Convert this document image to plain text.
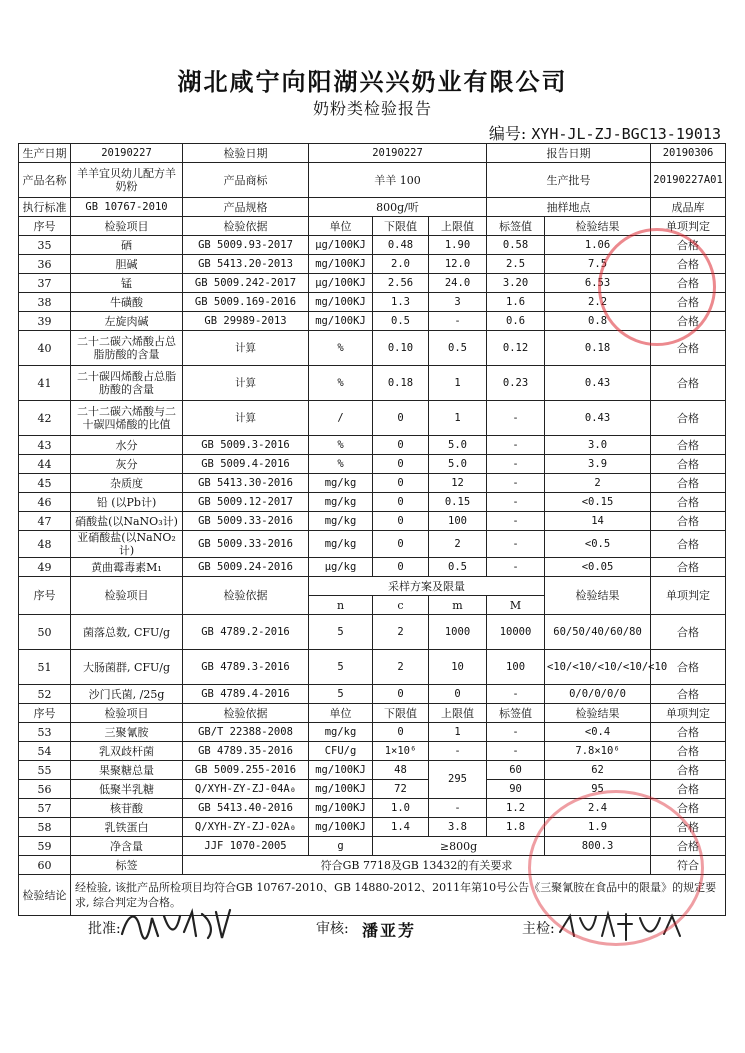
湖北咸宁向阳湖兴兴奶业有限公司
奶粉类检验报告
编号: XYH-JL-ZJ-BGC13-19013
生产日期	20190227	检验日期	20190227			报告日期		20190306
产品名称	羊羊宜贝幼儿配方羊奶粉	产品商标	羊羊 100			生产批号		20190227A01
执行标准	GB 10767-2010	产品规格	800g/听			抽样地点		成品库
序号	检验项目	检验依据	单位	下限值	上限值	标签值	检验结果	单项判定
35	硒	GB 5009.93-2017	μg/100KJ	0.48	1.90	0.58	1.06	合格
36	胆碱	GB 5413.20-2013	mg/100KJ	2.0	12.0	2.5	7.5	合格
37	锰	GB 5009.242-2017	μg/100KJ	2.56	24.0	3.20	6.53	合格
38	牛磺酸	GB 5009.169-2016	mg/100KJ	1.3	3	1.6	2.2	合格
39	左旋肉碱	GB 29989-2013	mg/100KJ	0.5	-	0.6	0.8	合格
40	二十二碳六烯酸占总脂肪酸的含量	计算	%	0.10	0.5	0.12	0.18	合格
41	二十碳四烯酸占总脂肪酸的含量	计算	%	0.18	1	0.23	0.43	合格
42	二十二碳六烯酸与二十碳四烯酸的比值	计算	/	0	1	-	0.43	合格
43	水分	GB 5009.3-2016	%	0	5.0	-	3.0	合格
44	灰分	GB 5009.4-2016	%	0	5.0	-	3.9	合格
45	杂质度	GB 5413.30-2016	mg/kg	0	12	-	2	合格
46	铅 (以Pb计)	GB 5009.12-2017	mg/kg	0	0.15	-	<0.15	合格
47	硝酸盐(以NaNO₃计)	GB 5009.33-2016	mg/kg	0	100	-	14	合格
48	亚硝酸盐(以NaNO₂计)	GB 5009.33-2016	mg/kg	0	2	-	<0.5	合格
49	黄曲霉毒素M₁	GB 5009.24-2016	μg/kg	0	0.5	-	<0.05	合格
序号	检验项目	检验依据	采样方案及限量				检验结果	单项判定
			n	c	m	M		
50	菌落总数, CFU/g	GB 4789.2-2016	5	2	1000	10000	60/50/40/60/80	合格
51	大肠菌群, CFU/g	GB 4789.3-2016	5	2	10	100	<10/<10/<10/<10/<10	合格
52	沙门氏菌, /25g	GB 4789.4-2016	5	0	0	-	0/0/0/0/0	合格
序号	检验项目	检验依据	单位	下限值	上限值	标签值	检验结果	单项判定
53	三聚氰胺	GB/T 22388-2008	mg/kg	0	1	-	<0.4	合格
54	乳双歧杆菌	GB 4789.35-2016	CFU/g	1×10⁶	-	-	7.8×10⁶	合格
55	果聚糖总量	GB 5009.255-2016	mg/100KJ	48	295	60	62	合格
56	低聚半乳糖	Q/XYH-ZY-ZJ-04A₀	mg/100KJ	72		90	95	合格
57	核苷酸	GB 5413.40-2016	mg/100KJ	1.0	-	1.2	2.4	合格
58	乳铁蛋白	Q/XYH-ZY-ZJ-02A₀	mg/100KJ	1.4	3.8	1.8	1.9	合格
59	净含量	JJF 1070-2005	g	≥800g			800.3	合格
60	标签	符合GB 7718及GB 13432的有关要求						符合
检验结论	经检验, 该批产品所检项目均符合GB 10767-2010、GB 14880-2012、2011年第10号公告《三聚氰胺在食品中的限量》的规定要求, 综合判定为合格。							
批准:	审核: 潘亚芳	主检:
